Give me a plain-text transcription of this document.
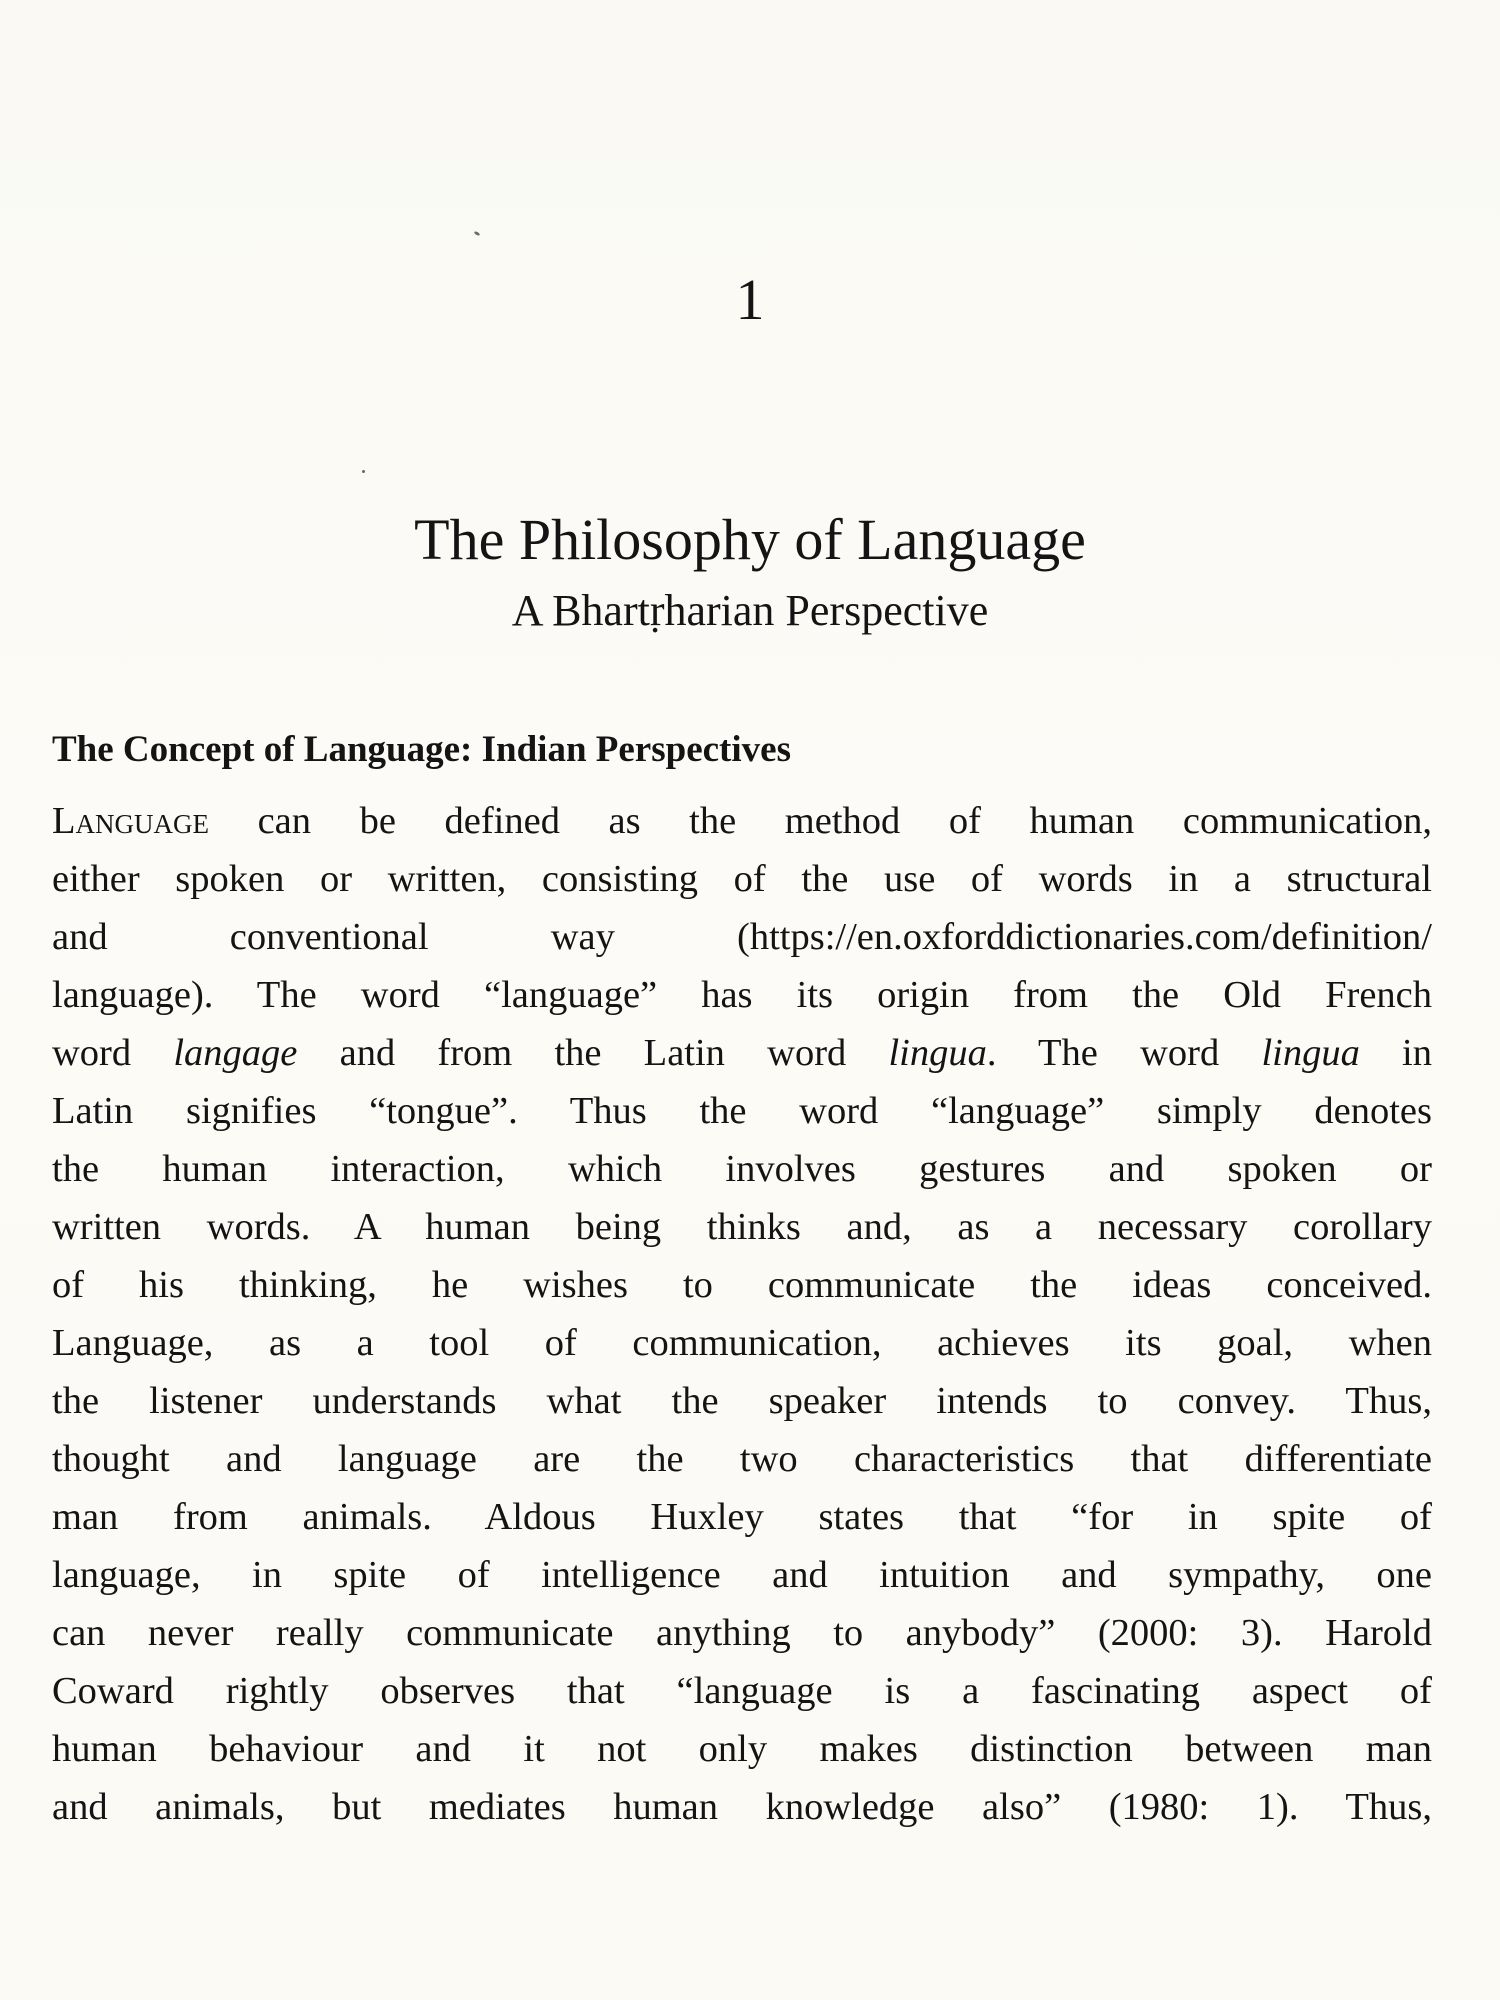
1
The Philosophy of Language
A Bhartṛharian Perspective
The Concept of Language: Indian Perspectives
Language can be defined as the method of human communication,
either spoken or written, consisting of the use of words in a structural
and conventional way (https://en.oxforddictionaries.com/definition/
language). The word “language” has its origin from the Old French
word langage and from the Latin word lingua. The word lingua in
Latin signifies “tongue”. Thus the word “language” simply denotes
the human interaction, which involves gestures and spoken or
written words. A human being thinks and, as a necessary corollary
of his thinking, he wishes to communicate the ideas conceived.
Language, as a tool of communication, achieves its goal, when
the listener understands what the speaker intends to convey. Thus,
thought and language are the two characteristics that differentiate
man from animals. Aldous Huxley states that “for in spite of
language, in spite of intelligence and intuition and sympathy, one
can never really communicate anything to anybody” (2000: 3). Harold
Coward rightly observes that “language is a fascinating aspect of
human behaviour and it not only makes distinction between man
and animals, but mediates human knowledge also” (1980: 1). Thus,
